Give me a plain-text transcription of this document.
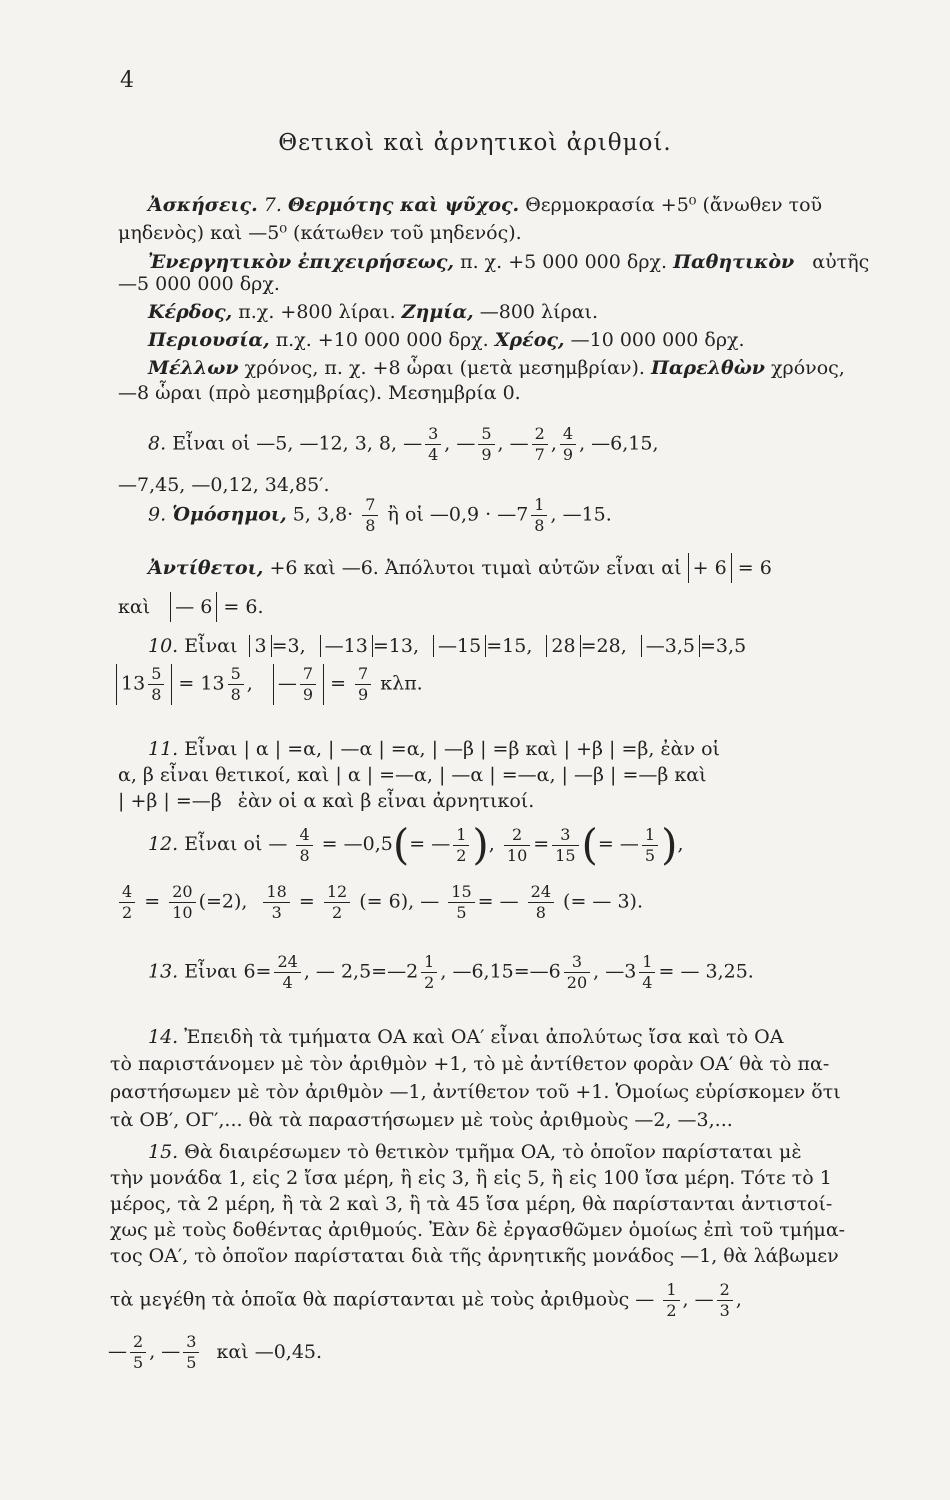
4
Θετικοὶ καὶ ἀρνητικοὶ ἀριθμοί.
Ἀσκήσεις. 7. Θερμότης καὶ ψῦχος. Θερμοκρασία +5⁰ (ἄνωθεν τοῦ
μηδενὸς) καὶ —5⁰ (κάτωθεν τοῦ μηδενός).
Ἐνεργητικὸν ἐπιχειρήσεως, π. χ. +5 000 000 δρχ. Παθητικὸν αὐτῆς
—5 000 000 δρχ.
Κέρδος, π.χ. +800 λίραι. Ζημία, —800 λίραι.
Περιουσία, π.χ. +10 000 000 δρχ. Χρέος, —10 000 000 δρχ.
Μέλλων χρόνος, π. χ. +8 ὧραι (μετὰ μεσημβρίαν). Παρελθὼν χρόνος,
—8 ὧραι (πρὸ μεσημβρίας). Μεσημβρία 0.
8. Εἶναι οἱ —5, —12, 3, 8, — $\frac{3}{4}$ , — $\frac{5}{9}$ , — $\frac{2}{7}$ , $\frac{4}{9}$ , —6,15,
—7,45, —0,12, 34,85′.
9. Ὁμόσημοι, 5, $3,8\cdot \frac{7}{8}$ ἢ οἱ —0,9 · —7 $\frac{1}{8}$ , —15.
Ἀντίθετοι, +6 καὶ —6. Ἀπόλυτοι τιμαὶ αὐτῶν εἶναι αἱ + 6 = 6
καὶ — 6 = 6.
10. Εἶναι 3 =3, —13 =13, —15 =15, 28 =28, —3,5 =3,5
$13 \frac{5}{8} = 13 \frac{5}{8}$ , — $\frac{7}{9} = \frac{7}{9} \kappa\lambda\pi$.
11. Εἶναι | α | =α, | —α | =α, | —β | =β καὶ | +β | =β, ἐὰν οἱ
α, β εἶναι θετικοί, καὶ | α | =—α, | —α | =—α, | —β | =—β καὶ
| +β | =—β ἐὰν οἱ α καὶ β εἶναι ἀρνητικοί.
12. Εἶναι οἱ — $\frac{4}{8}$ = —0,5(= — $\frac{1}{2}$ ), $\frac{2}{10} = \frac{3}{15}$ (= — $\frac{1}{5}$ ),
$\frac{4}{2} = \frac{20}{10} (=2)$, $\frac{18}{3} = \frac{12}{2}$ (= 6), — $\frac{15}{5}$ = — $\frac{24}{8}$ (= — 3).
13. Εἶναι $6= \frac{24}{4}$ , — 2,5=—2 $\frac{1}{2}$ , —6,15=—6 $\frac{3}{20}$ , —3 $\frac{1}{4}$ = — 3,25.
14. Ἐπειδὴ τὰ τμήματα ΟΑ καὶ ΟΑ′ εἶναι ἀπολύτως ἴσα καὶ τὸ ΟΑ
τὸ παριστάνομεν μὲ τὸν ἀριθμὸν +1, τὸ μὲ ἀντίθετον φορὰν ΟΑ′ θὰ τὸ πα-
ραστήσωμεν μὲ τὸν ἀριθμὸν —1, ἀντίθετον τοῦ +1. Ὁμοίως εὑρίσκομεν ὅτι
τὰ ΟΒ′, ΟΓ′,... θὰ τὰ παραστήσωμεν μὲ τοὺς ἀριθμοὺς —2, —3,...
15. Θὰ διαιρέσωμεν τὸ θετικὸν τμῆμα ΟΑ, τὸ ὁποῖον παρίσταται μὲ
τὴν μονάδα 1, εἰς 2 ἴσα μέρη, ἢ εἰς 3, ἢ εἰς 5, ἢ εἰς 100 ἴσα μέρη. Τότε τὸ 1
μέρος, τὰ 2 μέρη, ἢ τὰ 2 καὶ 3, ἢ τὰ 45 ἴσα μέρη, θὰ παρίστανται ἀντιστοί-
χως μὲ τοὺς δοθέντας ἀριθμούς. Ἐὰν δὲ ἐργασθῶμεν ὁμοίως ἐπὶ τοῦ τμήμα-
τος ΟΑ′, τὸ ὁποῖον παρίσταται διὰ τῆς ἀρνητικῆς μονάδος —1, θὰ λάβωμεν
τὰ μεγέθη τὰ ὁποῖα θὰ παρίστανται μὲ τοὺς ἀριθμοὺς — $\frac{1}{2}$ , — $\frac{2}{3}$ ,
— $\frac{2}{5}$ , — $\frac{3}{5}$ καὶ —0,45.
